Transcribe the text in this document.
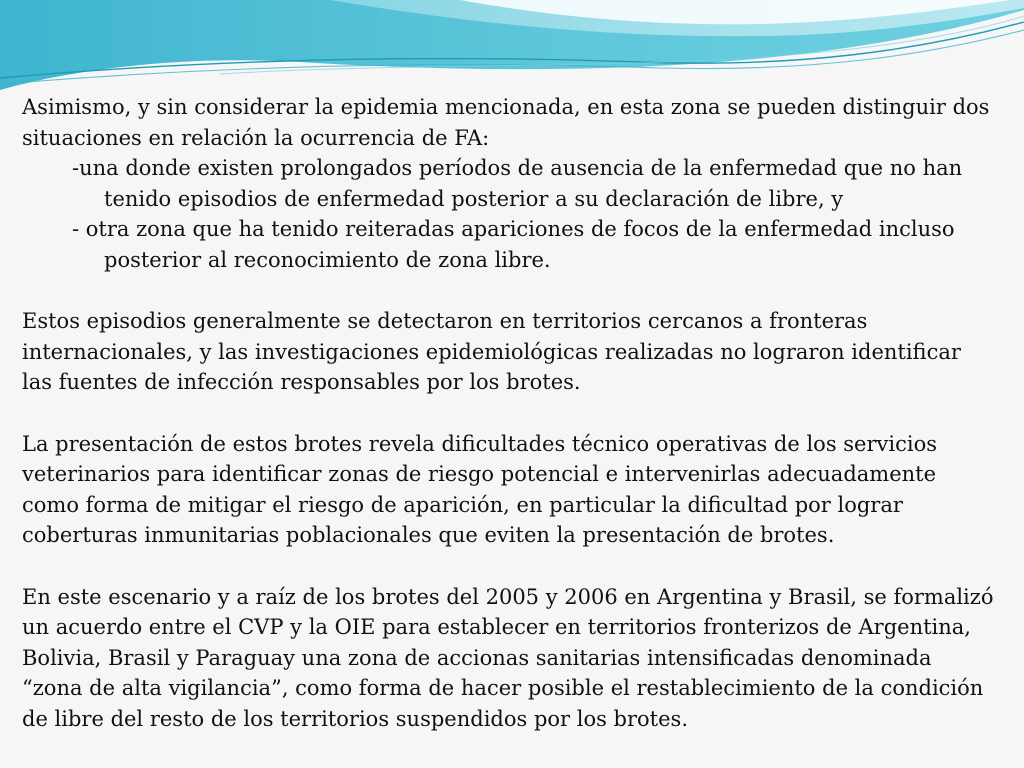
Asimismo, y sin considerar la epidemia mencionada, en esta zona se pueden distinguir dos situaciones en relación la ocurrencia de FA:

-una donde existen prolongados períodos de ausencia de la enfermedad que no han tenido episodios de enfermedad posterior a su declaración de libre, y

- otra zona que ha tenido reiteradas apariciones de focos de la enfermedad incluso posterior al reconocimiento de zona libre.

Estos episodios generalmente se detectaron en territorios cercanos a fronteras internacionales, y las investigaciones epidemiológicas realizadas no lograron identificar las fuentes de infección responsables por los brotes.

La presentación de estos brotes revela dificultades técnico operativas de los servicios veterinarios para identificar zonas de riesgo potencial e intervenirlas adecuadamente como forma de mitigar el riesgo de aparición, en particular la dificultad por lograr coberturas inmunitarias poblacionales que eviten la presentación de brotes.

En este escenario y a raíz de los brotes del 2005 y 2006 en Argentina y Brasil, se formalizó un acuerdo entre el CVP y la OIE para establecer en territorios fronterizos de Argentina, Bolivia, Brasil y Paraguay una zona de accionas sanitarias intensificadas denominada “zona de alta vigilancia”, como forma de hacer posible el restablecimiento de la condición de libre del resto de los territorios suspendidos por los brotes.
